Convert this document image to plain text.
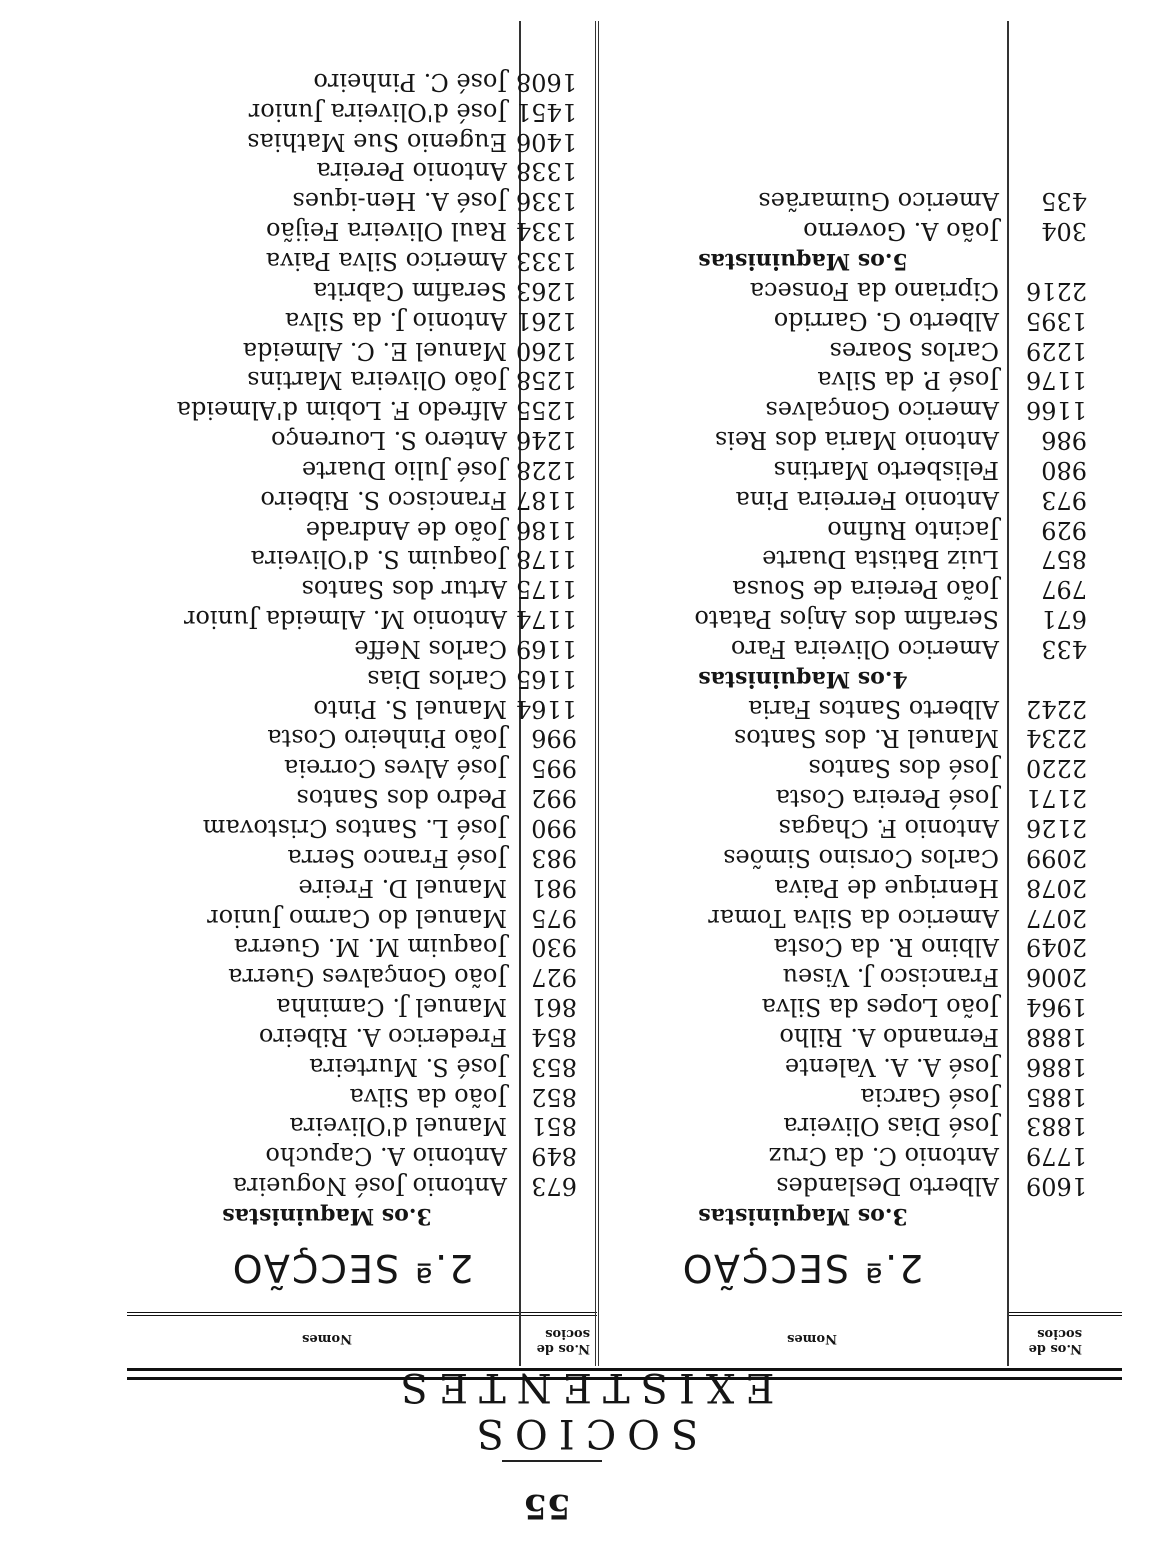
55
SOCIOS EXISTENTES
N.os de socios
Nomes
N.os de socios
Nomes
2.ª SECÇÃO	2.ª SECÇÃO
3.os Maquinistas
673
Antonio José Nogueira
849
Antonio A. Capucho
851
Manuel d'Oliveira
852
João da Silva
853
José S. Murteira
854
Frederico A. Ribeiro
861
Manuel J. Caminha
927
João Gonçalves Guerra
930
Joaquim M. M. Guerra
975
Manuel do Carmo Junior
981
Manuel D. Freire
983
José Franco Serra
990
José L. Santos Cristovam
992
Pedro dos Santos
995
José Alves Correia
996
João Pinheiro Costa
1164
Manuel S. Pinto
1165
Carlos Dias
1169
Carlos Neffe
1174
Antonio M. Almeida Junior
1175
Artur dos Santos
1178
Joaquim S. d'Oliveira
1186
João de Andrade
1187
Francisco S. Ribeiro
1228
José Julio Duarte
1246
Antero S. Lourenço
1255
Alfredo F. Lobim d'Almeida
1258
João Oliveira Martins
1260
Manuel E. C. Almeida
1261
Antonio J. da Silva
1263
Serafim Cabrita
1333
Americo Silva Paiva
1334
Raul Oliveira Feijão
1336
José A. Hen-iques
1338
Antonio Pereira
1406
Eugenio Sue Mathias
1451
José d'Oliveira Junior
1608
José C. Pinheiro
3.os Maquinistas
1609
Alberto Deslandes
1779
Antonio C. da Cruz
1883
José Dias Oliveira
1885
José Garcia
1886
José A. A. Valente
1888
Fernando A. Rilho
1964
João Lopes da Silva
2006
Francisco J. Viseu
2049
Albino R. da Costa
2077
Americo da Silva Tomar
2078
Henrique de Paiva
2099
Carlos Corsino Simões
2126
Antonio F. Chagas
2171
José Pereira Costa
2220
José dos Santos
2234
Manuel R. dos Santos
2242
Alberto Santos Faria
4.os Maquinistas
433
Americo Oliveira Faro
671
Serafim dos Anjos Patato
797
João Pereira de Sousa
857
Luiz Batista Duarte
929
Jacinto Rufino
973
Antonio Ferreira Pina
980
Felisberto Martins
986
Antonio Maria dos Reis
1166
Americo Gonçalves
1176
José P. da Silva
1229
Carlos Soares
1395
Alberto G. Garrido
2216
Cipriano da Fonseca
5.os Maquinistas
304
João A. Governo
435
Americo Guimarães
